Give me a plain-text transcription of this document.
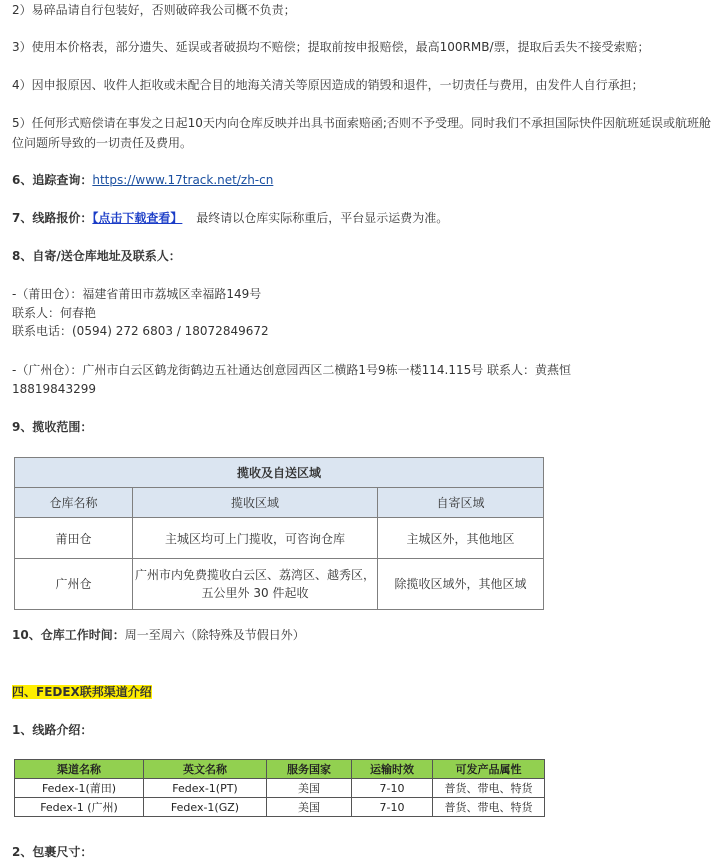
2）易碎品请自行包装好，否则破碎我公司概不负责；
3）使用本价格表，部分遗失、延误或者破损均不赔偿；提取前按申报赔偿，最高100RMB/票，提取后丢失不接受索赔；
4）因申报原因、收件人拒收或未配合目的地海关清关等原因造成的销毁和退件，一切责任与费用，由发件人自行承担；
5）任何形式赔偿请在事发之日起10天内向仓库反映并出具书面索赔函;否则不予受理。同时我们不承担国际快件因航班延误或航班舱位问题所导致的一切责任及费用。
6、追踪查询：https://www.17track.net/zh-cn
7、线路报价：【点击下载查看】 最终请以仓库实际称重后，平台显示运费为准。
8、自寄/送仓库地址及联系人：
-（莆田仓）：福建省莆田市荔城区幸福路149号
联系人：何春艳
联系电话：(0594) 272 6803 / 18072849672
-（广州仓）：广州市白云区鹤龙街鹤边五社通达创意园西区二横路1号9栋一楼114.115号 联系人：黄燕恒
18819843299
9、揽收范围：
揽收及自送区域		
仓库名称	揽收区域	自寄区域
莆田仓	主城区均可上门揽收，可咨询仓库	主城区外，其他地区
广州仓	广州市内免费揽收白云区、荔湾区、越秀区，五公里外 30 件起收	除揽收区域外，其他区域
10、仓库工作时间：周一至周六（除特殊及节假日外）
四、FEDEX联邦渠道介绍
1、线路介绍：
渠道名称	英文名称	服务国家	运输时效	可发产品属性
Fedex-1(莆田)	Fedex-1(PT)	美国	7-10	普货、带电、特货
Fedex-1 (广州)	Fedex-1(GZ)	美国	7-10	普货、带电、特货
2、包裹尺寸：
